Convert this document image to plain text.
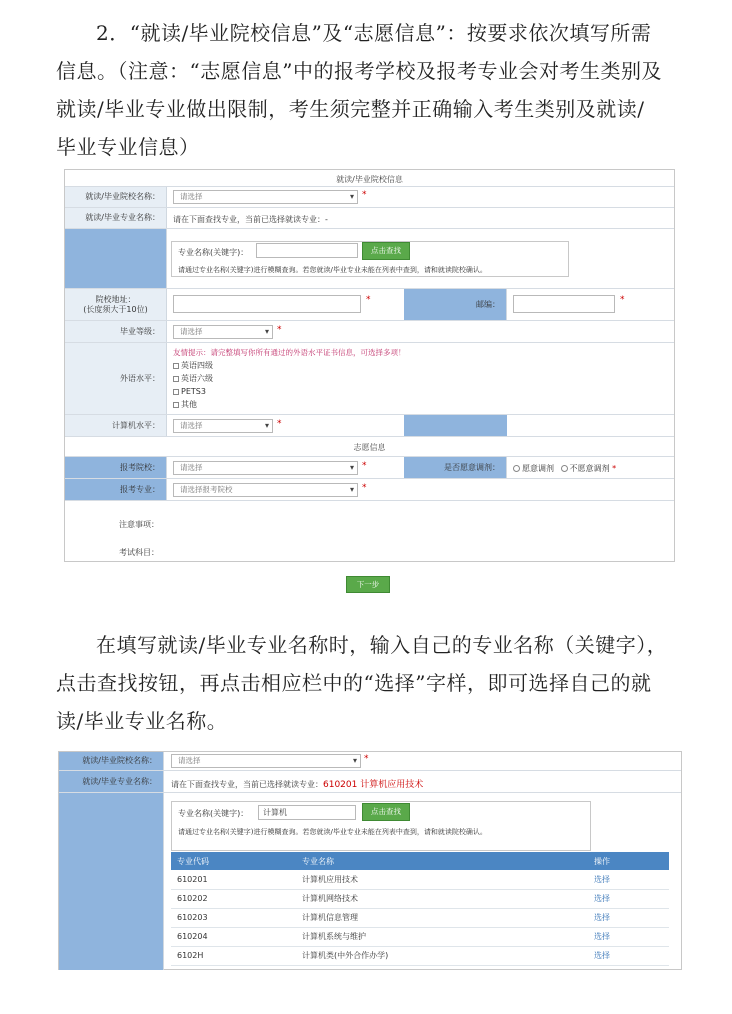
2．“就读/毕业院校信息”及“志愿信息”：按要求依次填写所需
信息。（注意：“志愿信息”中的报考学校及报考专业会对考生类别及
就读/毕业专业做出限制，考生须完整并正确输入考生类别及就读/
毕业专业信息）
就读/毕业院校信息
就读/毕业院校名称：	请选择 ▾	*
就读/毕业专业名称：	请在下面查找专业，当前已选择就读专业：-
专业名称(关键字)：	点击查找
请通过专业名称(关键字)进行模糊查询。若您就读/毕业专业未能在列表中查到，请和就读院校确认。
院校地址：
(长度须大于10位)
*	邮编：	*
毕业等级：	请选择 ▾	*
外语水平：
友情提示：请完整填写你所有通过的外语水平证书信息，可选择多项！
英语四级
英语六级
PETS3
其他
计算机水平：	请选择 ▾	*
志愿信息
报考院校：	请选择 ▾	*	是否愿意调剂：	愿意调剂 不愿意调剂 *
报考专业：	请选择报考院校 ▾	*
注意事项：
考试科目：
下一步
在填写就读/毕业专业名称时，输入自己的专业名称（关键字），
点击查找按钮，再点击相应栏中的“选择”字样，即可选择自己的就
读/毕业专业名称。
就读/毕业院校名称：	请选择 ▾	*
就读/毕业专业名称：	请在下面查找专业，当前已选择就读专业：610201 计算机应用技术
专业名称(关键字)：	计算机	点击查找
请通过专业名称(关键字)进行模糊查询。若您就读/毕业专业未能在列表中查到，请和就读院校确认。
专业代码	专业名称	操作
610201	计算机应用技术	选择
610202	计算机网络技术	选择
610203	计算机信息管理	选择
610204	计算机系统与维护	选择
6102H	计算机类(中外合作办学)	选择
